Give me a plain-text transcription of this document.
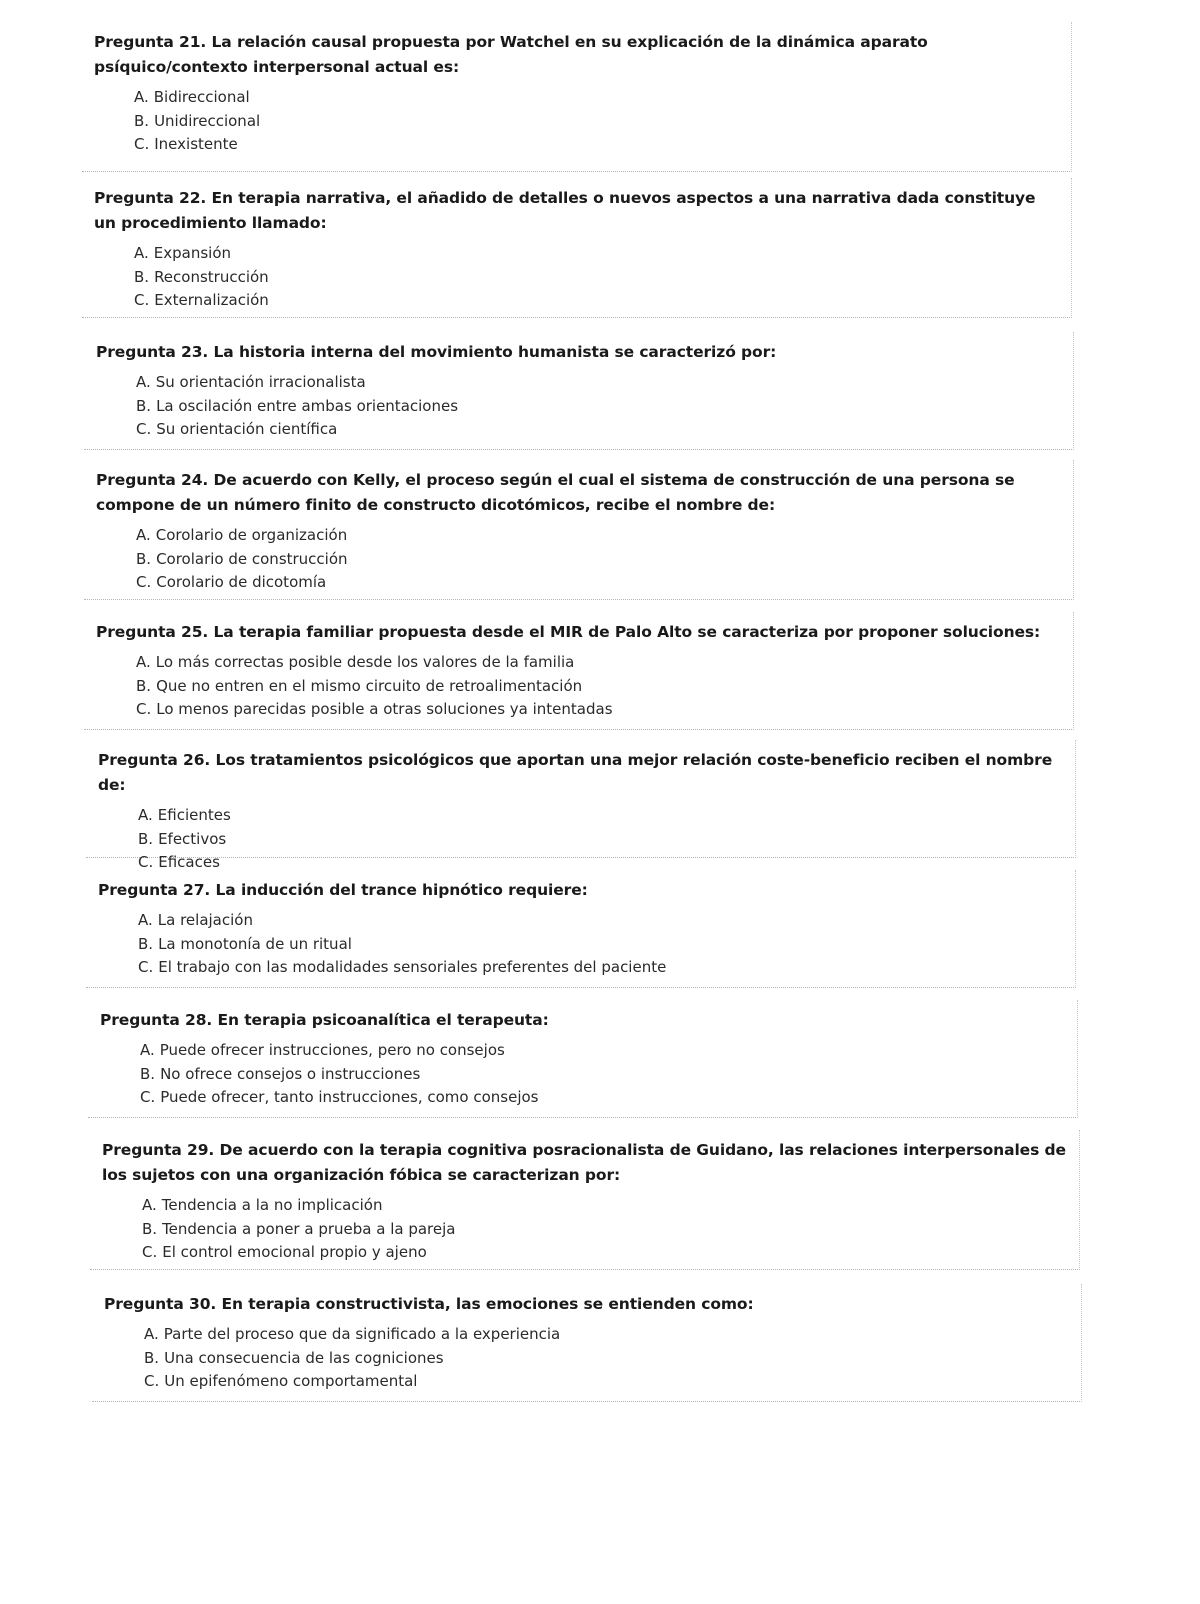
Pregunta 21. La relación causal propuesta por Watchel en su explicación de la dinámica aparato psíquico/contexto interpersonal actual es:

A. Bidireccional
B. Unidireccional
C. Inexistente

Pregunta 22. En terapia narrativa, el añadido de detalles o nuevos aspectos a una narrativa dada constituye un procedimiento llamado:

A. Expansión
B. Reconstrucción
C. Externalización

Pregunta 23. La historia interna del movimiento humanista se caracterizó por:

A. Su orientación irracionalista
B. La oscilación entre ambas orientaciones
C. Su orientación científica

Pregunta 24. De acuerdo con Kelly, el proceso según el cual el sistema de construcción de una persona se compone de un número finito de constructo dicotómicos, recibe el nombre de:

A. Corolario de organización
B. Corolario de construcción
C. Corolario de dicotomía

Pregunta 25. La terapia familiar propuesta desde el MIR de Palo Alto se caracteriza por proponer soluciones:

A. Lo más correctas posible desde los valores de la familia
B. Que no entren en el mismo circuito de retroalimentación
C. Lo menos parecidas posible a otras soluciones ya intentadas

Pregunta 26. Los tratamientos psicológicos que aportan una mejor relación coste-beneficio reciben el nombre de:

A. Eficientes
B. Efectivos
C. Eficaces

Pregunta 27. La inducción del trance hipnótico requiere:

A. La relajación
B. La monotonía de un ritual
C. El trabajo con las modalidades sensoriales preferentes del paciente

Pregunta 28. En terapia psicoanalítica el terapeuta:

A. Puede ofrecer instrucciones, pero no consejos
B. No ofrece consejos o instrucciones
C. Puede ofrecer, tanto instrucciones, como consejos

Pregunta 29. De acuerdo con la terapia cognitiva posracionalista de Guidano, las relaciones interpersonales de los sujetos con una organización fóbica se caracterizan por:

A. Tendencia a la no implicación
B. Tendencia a poner a prueba a la pareja
C. El control emocional propio y ajeno

Pregunta 30. En terapia constructivista, las emociones se entienden como:

A. Parte del proceso que da significado a la experiencia
B. Una consecuencia de las cogniciones
C. Un epifenómeno comportamental
